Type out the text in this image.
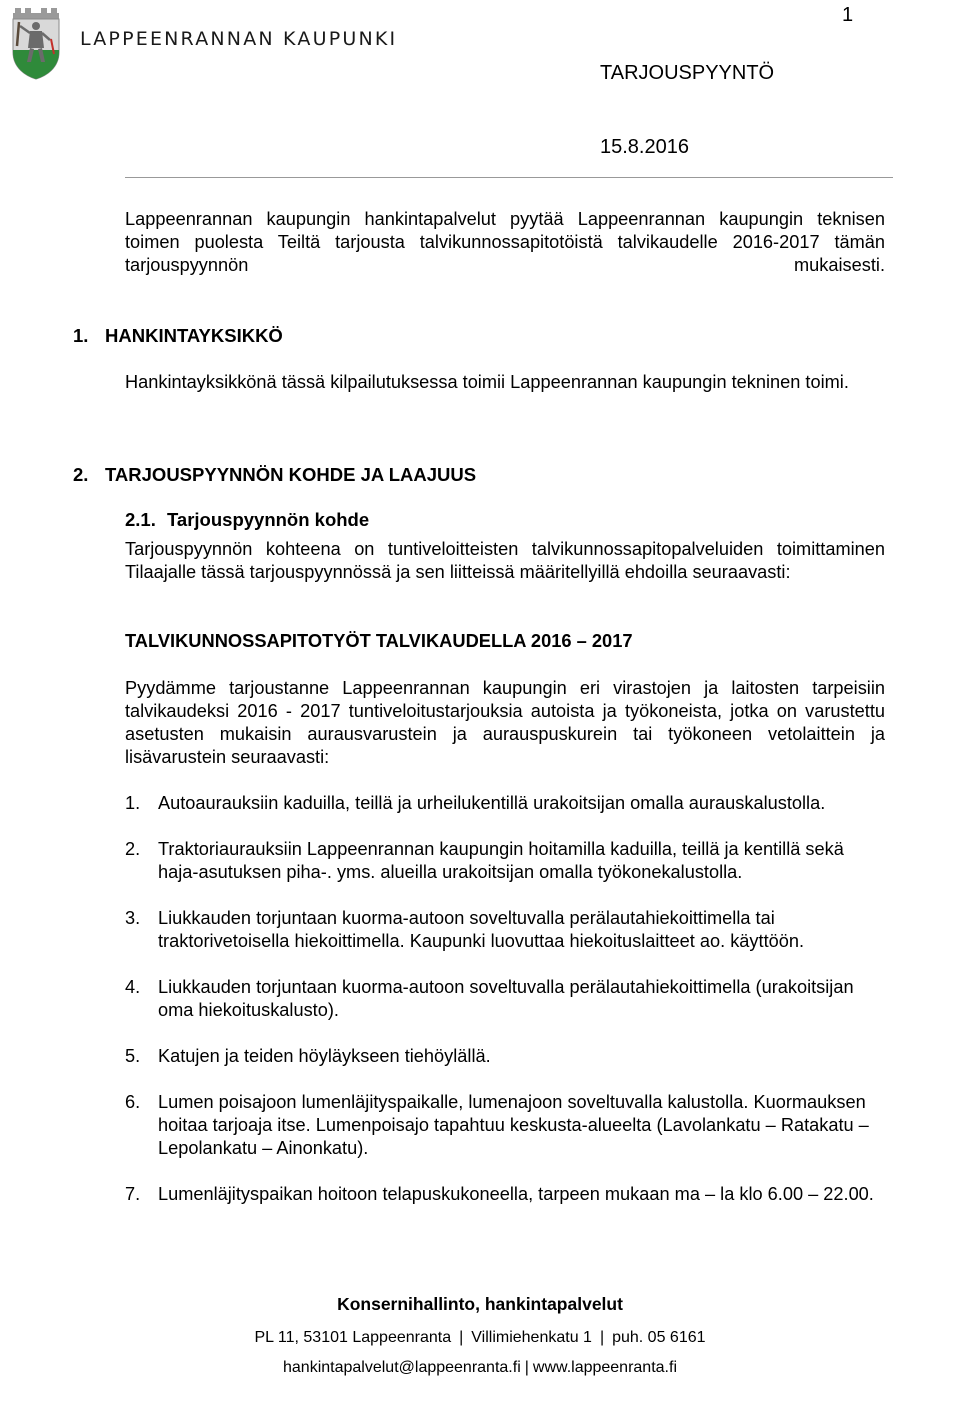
LAPPEENRANNAN KAUPUNKI
1
TARJOUSPYYNTÖ
15.8.2016
Lappeenrannan kaupungin hankintapalvelut pyytää Lappeenrannan kaupungin teknisen toimen puolesta Teiltä tarjousta talvikunnossapitotöistä talvikaudelle 2016-2017 tämän tarjouspyynnön mukaisesti.
1. HANKINTAYKSIKKÖ
Hankintayksikkönä tässä kilpailutuksessa toimii Lappeenrannan kaupungin tekninen toimi.
2. TARJOUSPYYNNÖN KOHDE JA LAAJUUS
2.1. Tarjouspyynnön kohde
Tarjouspyynnön kohteena on tuntiveloitteisten talvikunnossapitopalveluiden toimittaminen Tilaajalle tässä tarjouspyynnössä ja sen liitteissä määritellyillä ehdoilla seuraavasti:
TALVIKUNNOSSAPITOTYÖT TALVIKAUDELLA 2016 – 2017
Pyydämme tarjoustanne Lappeenrannan kaupungin eri virastojen ja laitosten tarpeisiin talvikaudeksi 2016 - 2017 tuntiveloitustarjouksia autoista ja työkoneista, jotka on varustettu asetusten mukaisin aurausvarustein ja aurauspuskurein tai työkoneen vetolaittein ja lisävarustein seuraavasti:
1. Autoaurauksiin kaduilla, teillä ja urheilukentillä urakoitsijan omalla aurauskalustolla.
2. Traktoriaurauksiin Lappeenrannan kaupungin hoitamilla kaduilla, teillä ja kentillä sekä haja-asutuksen piha-. yms. alueilla urakoitsijan omalla työkonekalustolla.
3. Liukkauden torjuntaan kuorma-autoon soveltuvalla perälautahiekoittimella tai traktorivetoisella hiekoittimella. Kaupunki luovuttaa hiekoituslaitteet ao. käyttöön.
4. Liukkauden torjuntaan kuorma-autoon soveltuvalla perälautahiekoittimella (urakoitsijan oma hiekoituskalusto).
5. Katujen ja teiden höyläykseen tiehöylällä.
6. Lumen poisajoon lumenläjityspaikalle, lumenajoon soveltuvalla kalustolla. Kuormauksen hoitaa tarjoaja itse. Lumenpoisajo tapahtuu keskusta-alueelta (Lavolankatu – Ratakatu – Lepolankatu – Ainonkatu).
7. Lumenläjityspaikan hoitoon telapuskukoneella, tarpeen mukaan ma – la klo 6.00 – 22.00.
Konsernihallinto, hankintapalvelut
PL 11, 53101 Lappeenranta | Villimiehenkatu 1 | puh. 05 6161
hankintapalvelut@lappeenranta.fi | www.lappeenranta.fi
